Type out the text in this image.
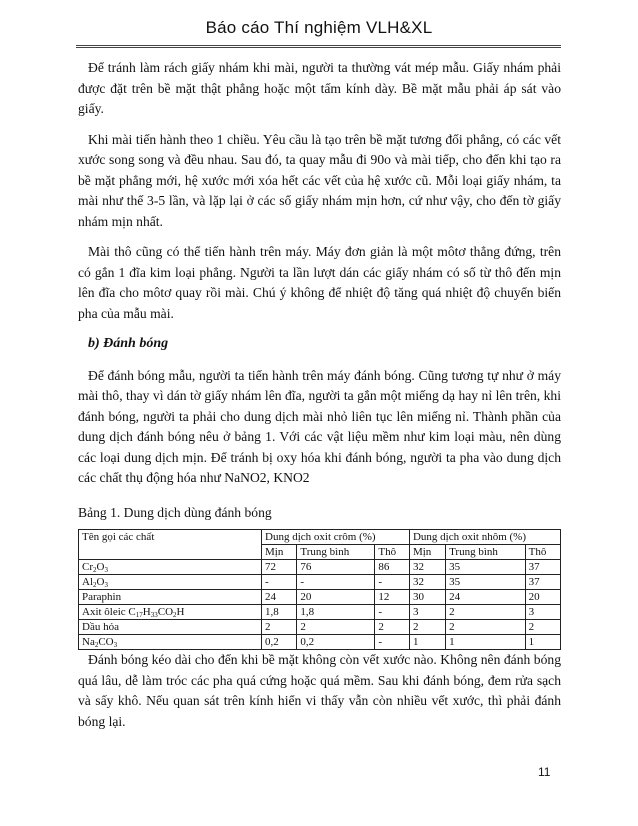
Báo cáo Thí nghiệm VLH&XL

Để tránh làm rách giấy nhám khi mài, người ta thường vát mép mẫu. Giấy nhám phải được đặt trên bề mặt thật phẳng hoặc một tấm kính dày. Bề mặt mẫu phải áp sát vào giấy.

Khi mài tiến hành theo 1 chiều. Yêu cầu là tạo trên bề mặt tương đối phẳng, có các vết xước song song và đều nhau. Sau đó, ta quay mẫu đi 90o và mài tiếp, cho đến khi tạo ra bề mặt phẳng mới, hệ xước mới xóa hết các vết của hệ xước cũ. Mỗi loại giấy nhám, ta mài như thế 3-5 lần, và lặp lại ở các số giấy nhám mịn hơn, cứ như vậy, cho đến tờ giấy nhám mịn nhất.

Mài thô cũng có thể tiến hành trên máy. Máy đơn giản là một môtơ thẳng đứng, trên có gắn 1 đĩa kim loại phẳng. Người ta lần lượt dán các giấy nhám có số từ thô đến mịn lên đĩa cho môtơ quay rồi mài. Chú ý không để nhiệt độ tăng quá nhiệt độ chuyển biến pha của mẫu mài.

b) Đánh bóng

Để đánh bóng mẫu, người ta tiến hành trên máy đánh bóng. Cũng tương tự như ở máy mài thô, thay vì dán tờ giấy nhám lên đĩa, người ta gắn một miếng dạ hay nỉ lên trên, khi đánh bóng, người ta phải cho dung dịch mài nhỏ liên tục lên miếng nỉ. Thành phần của dung dịch đánh bóng nêu ở bảng 1. Với các vật liệu mềm như kim loại màu, nên dùng các loại dung dịch mịn. Để tránh bị oxy hóa khi đánh bóng, người ta pha vào dung dịch các chất thụ động hóa như NaNO2, KNO2

Bảng 1. Dung dịch dùng đánh bóng

Tên gọi các chất	Dung dịch oxit crôm (%)			Dung dịch oxit nhôm (%)		
	Mịn	Trung bình	Thô	Mịn	Trung bình	Thô
$Cr_2O_3$	72	76	86	32	35	37
$Al_2O_3$	-	-	-	32	35	37
Paraphin	24	20	12	30	24	20
Axit ôleic $C_{17}H_{33}CO_2H$	1,8	1,8	-	3	2	3
Dầu hỏa	2	2	2	2	2	2
$Na_2CO_3$	0,2	0,2	-	1	1	1

Đánh bóng kéo dài cho đến khi bề mặt không còn vết xước nào. Không nên đánh bóng quá lâu, dễ làm tróc các pha quá cứng hoặc quá mềm. Sau khi đánh bóng, đem rửa sạch và sấy khô. Nếu quan sát trên kính hiển vi thấy vẫn còn nhiều vết xước, thì phải đánh bóng lại.

11
